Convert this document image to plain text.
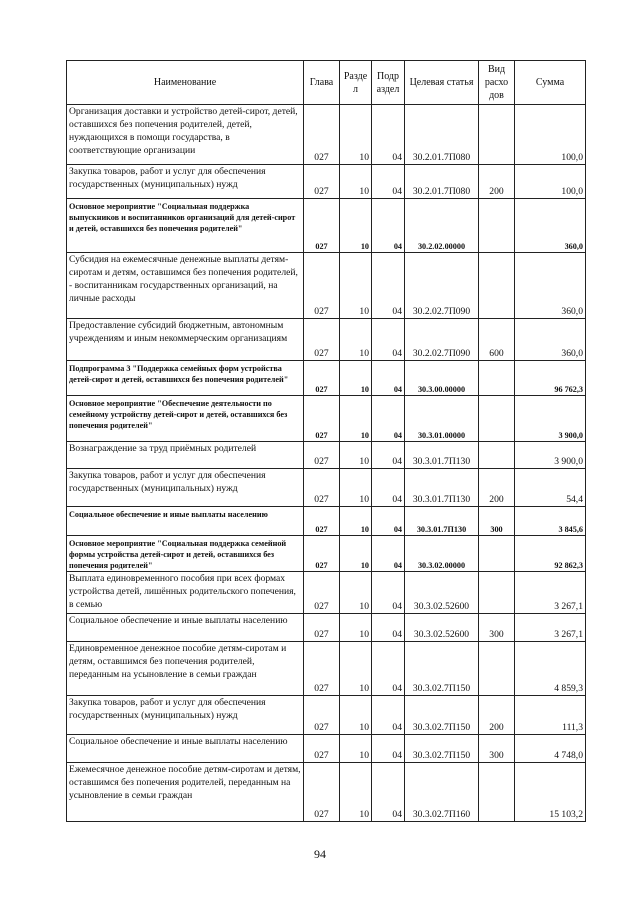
Наименование	Глава	Разде л	Подр аздел	Целевая статья	Вид расхо дов	Сумма
Организация доставки и устройство детей-сирот, детей, оставшихся без попечения родителей, детей, нуждающихся в помощи государства, в соответствующие организации	027	10	04	30.2.01.7П080		100,0
Закупка товаров, работ и услуг для обеспечения государственных (муниципальных) нужд	027	10	04	30.2.01.7П080	200	100,0
Основное мероприятие "Социальная поддержка выпускников и воспитанников организаций для детей-сирот и детей, оставшихся без попечения родителей"	027	10	04	30.2.02.00000		360,0
Субсидия на ежемесячные денежные выплаты детям-сиротам и детям, оставшимся без попечения родителей, - воспитанникам государственных организаций, на личные расходы	027	10	04	30.2.02.7П090		360,0
Предоставление субсидий бюджетным, автономным учреждениям и иным некоммерческим организациям	027	10	04	30.2.02.7П090	600	360,0
Подпрограмма 3 "Поддержка семейных форм устройства детей-сирот и детей, оставшихся без попечения родителей"	027	10	04	30.3.00.00000		96 762,3
Основное мероприятие "Обеспечение деятельности по семейному устройству детей-сирот и детей, оставшихся без попечения родителей"	027	10	04	30.3.01.00000		3 900,0
Вознаграждение за труд приёмных родителей	027	10	04	30.3.01.7П130		3 900,0
Закупка товаров, работ и услуг для обеспечения государственных (муниципальных) нужд	027	10	04	30.3.01.7П130	200	54,4
Социальное обеспечение и иные выплаты населению	027	10	04	30.3.01.7П130	300	3 845,6
Основное мероприятие "Социальная поддержка семейной формы устройства детей-сирот и детей, оставшихся без попечения родителей"	027	10	04	30.3.02.00000		92 862,3
Выплата единовременного пособия при всех формах устройства детей, лишённых родительского попечения, в семью	027	10	04	30.3.02.52600		3 267,1
Социальное обеспечение и иные выплаты населению	027	10	04	30.3.02.52600	300	3 267,1
Единовременное денежное пособие детям-сиротам и детям, оставшимся без попечения родителей, переданным на усыновление в семьи граждан	027	10	04	30.3.02.7П150		4 859,3
Закупка товаров, работ и услуг для обеспечения государственных (муниципальных) нужд	027	10	04	30.3.02.7П150	200	111,3
Социальное обеспечение и иные выплаты населению	027	10	04	30.3.02.7П150	300	4 748,0
Ежемесячное денежное пособие детям-сиротам и детям, оставшимся без попечения родителей, переданным на усыновление в семьи граждан	027	10	04	30.3.02.7П160		15 103,2
94
